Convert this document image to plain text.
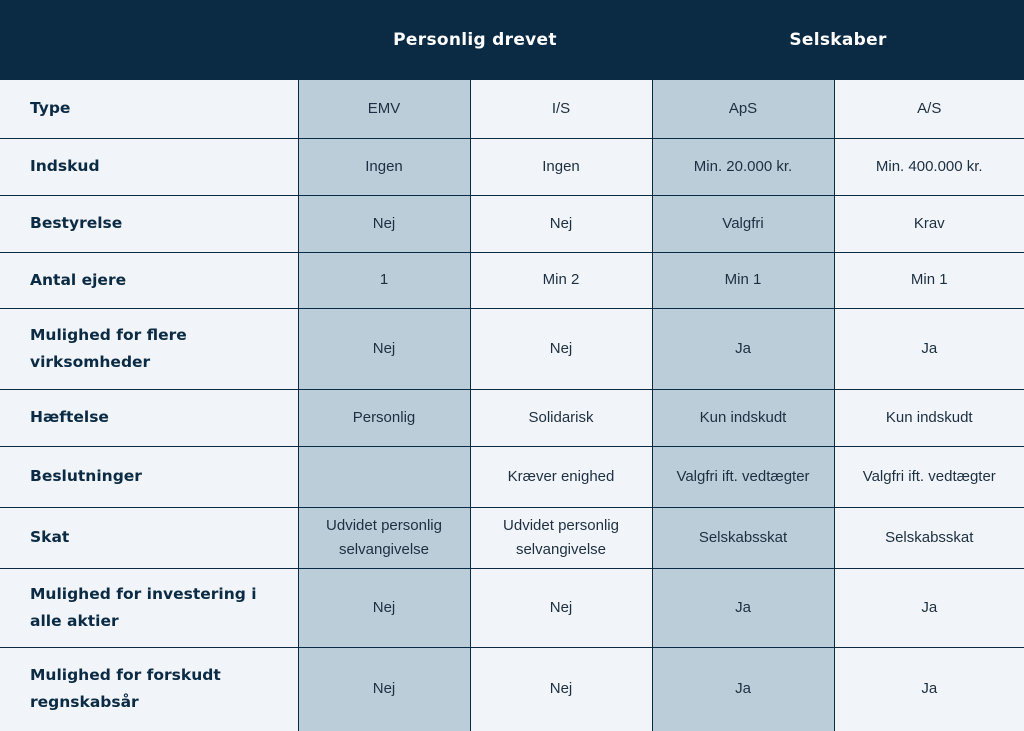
Personlig drevet	Selskaber
Type	EMV	I/S	ApS	A/S
Indskud	Ingen	Ingen	Min. 20.000 kr.	Min. 400.000 kr.
Bestyrelse	Nej	Nej	Valgfri	Krav
Antal ejere	1	Min 2	Min 1	Min 1
Mulighed for flere virksomheder	Nej	Nej	Ja	Ja
Hæftelse	Personlig	Solidarisk	Kun indskudt	Kun indskudt
Beslutninger		Kræver enighed	Valgfri ift. vedtægter	Valgfri ift. vedtægter
Skat	Udvidet personlig selvangivelse	Udvidet personlig selvangivelse	Selskabsskat	Selskabsskat
Mulighed for investering i alle aktier	Nej	Nej	Ja	Ja
Mulighed for forskudt regnskabsår	Nej	Nej	Ja	Ja
